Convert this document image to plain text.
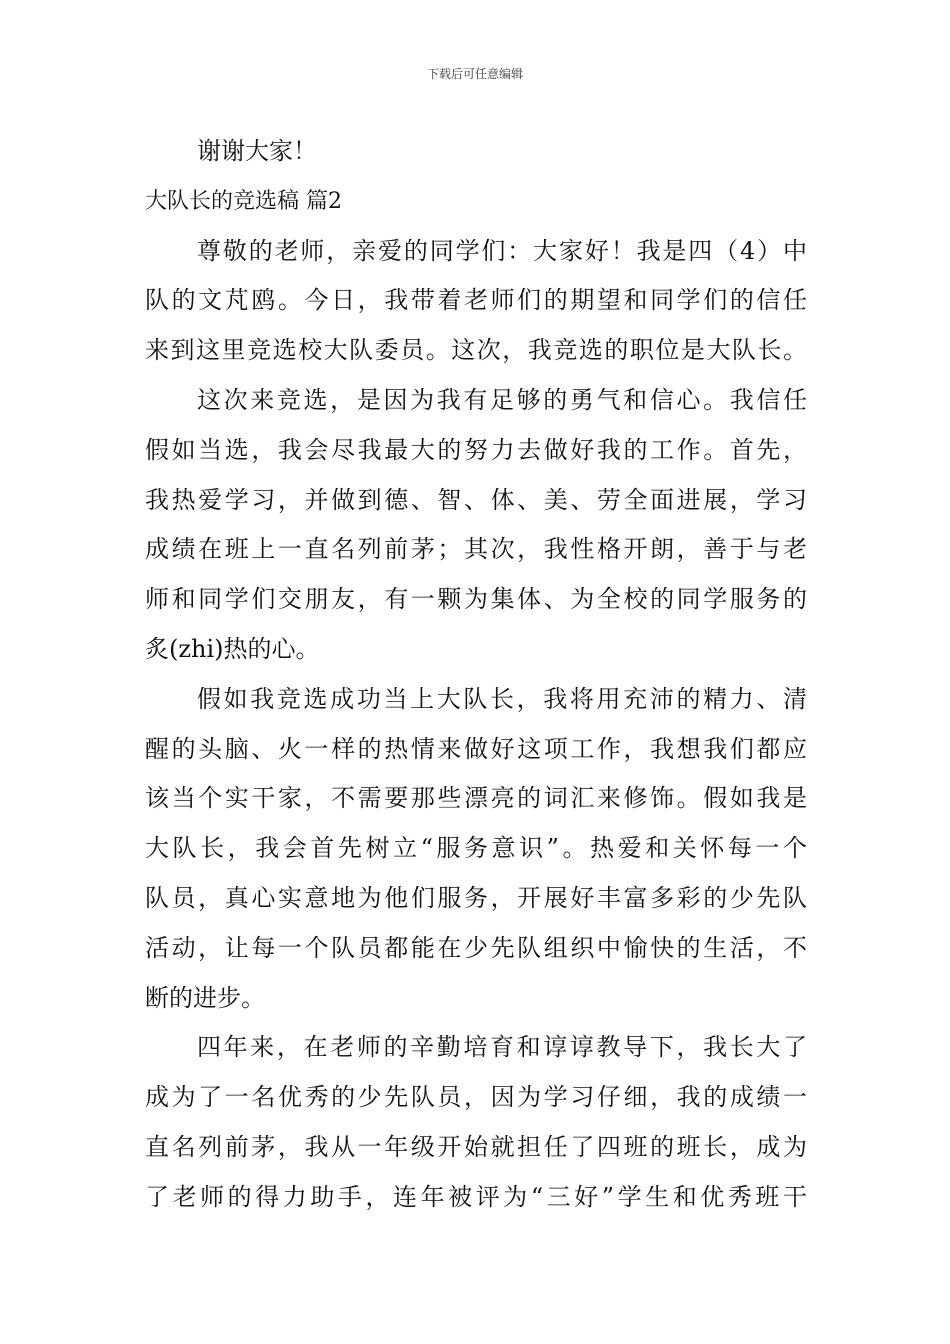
下载后可任意编辑
谢谢大家！
大队长的竞选稿 篇2
尊敬的老师，亲爱的同学们：大家好！我是四（4）中
队的文芃鸥。今日，我带着老师们的期望和同学们的信任
来到这里竞选校大队委员。这次，我竞选的职位是大队长。
这次来竞选，是因为我有足够的勇气和信心。我信任
假如当选，我会尽我最大的努力去做好我的工作。首先，
我热爱学习，并做到德、智、体、美、劳全面进展，学习
成绩在班上一直名列前茅；其次，我性格开朗，善于与老
师和同学们交朋友，有一颗为集体、为全校的同学服务的
炙(zhi)热的心。
假如我竞选成功当上大队长，我将用充沛的精力、清
醒的头脑、火一样的热情来做好这项工作，我想我们都应
该当个实干家，不需要那些漂亮的词汇来修饰。假如我是
大队长，我会首先树立“服务意识”。热爱和关怀每一个
队员，真心实意地为他们服务，开展好丰富多彩的少先队
活动，让每一个队员都能在少先队组织中愉快的生活，不
断的进步。
四年来，在老师的辛勤培育和谆谆教导下，我长大了
成为了一名优秀的少先队员，因为学习仔细，我的成绩一
直名列前茅，我从一年级开始就担任了四班的班长，成为
了老师的得力助手，连年被评为“三好”学生和优秀班干
